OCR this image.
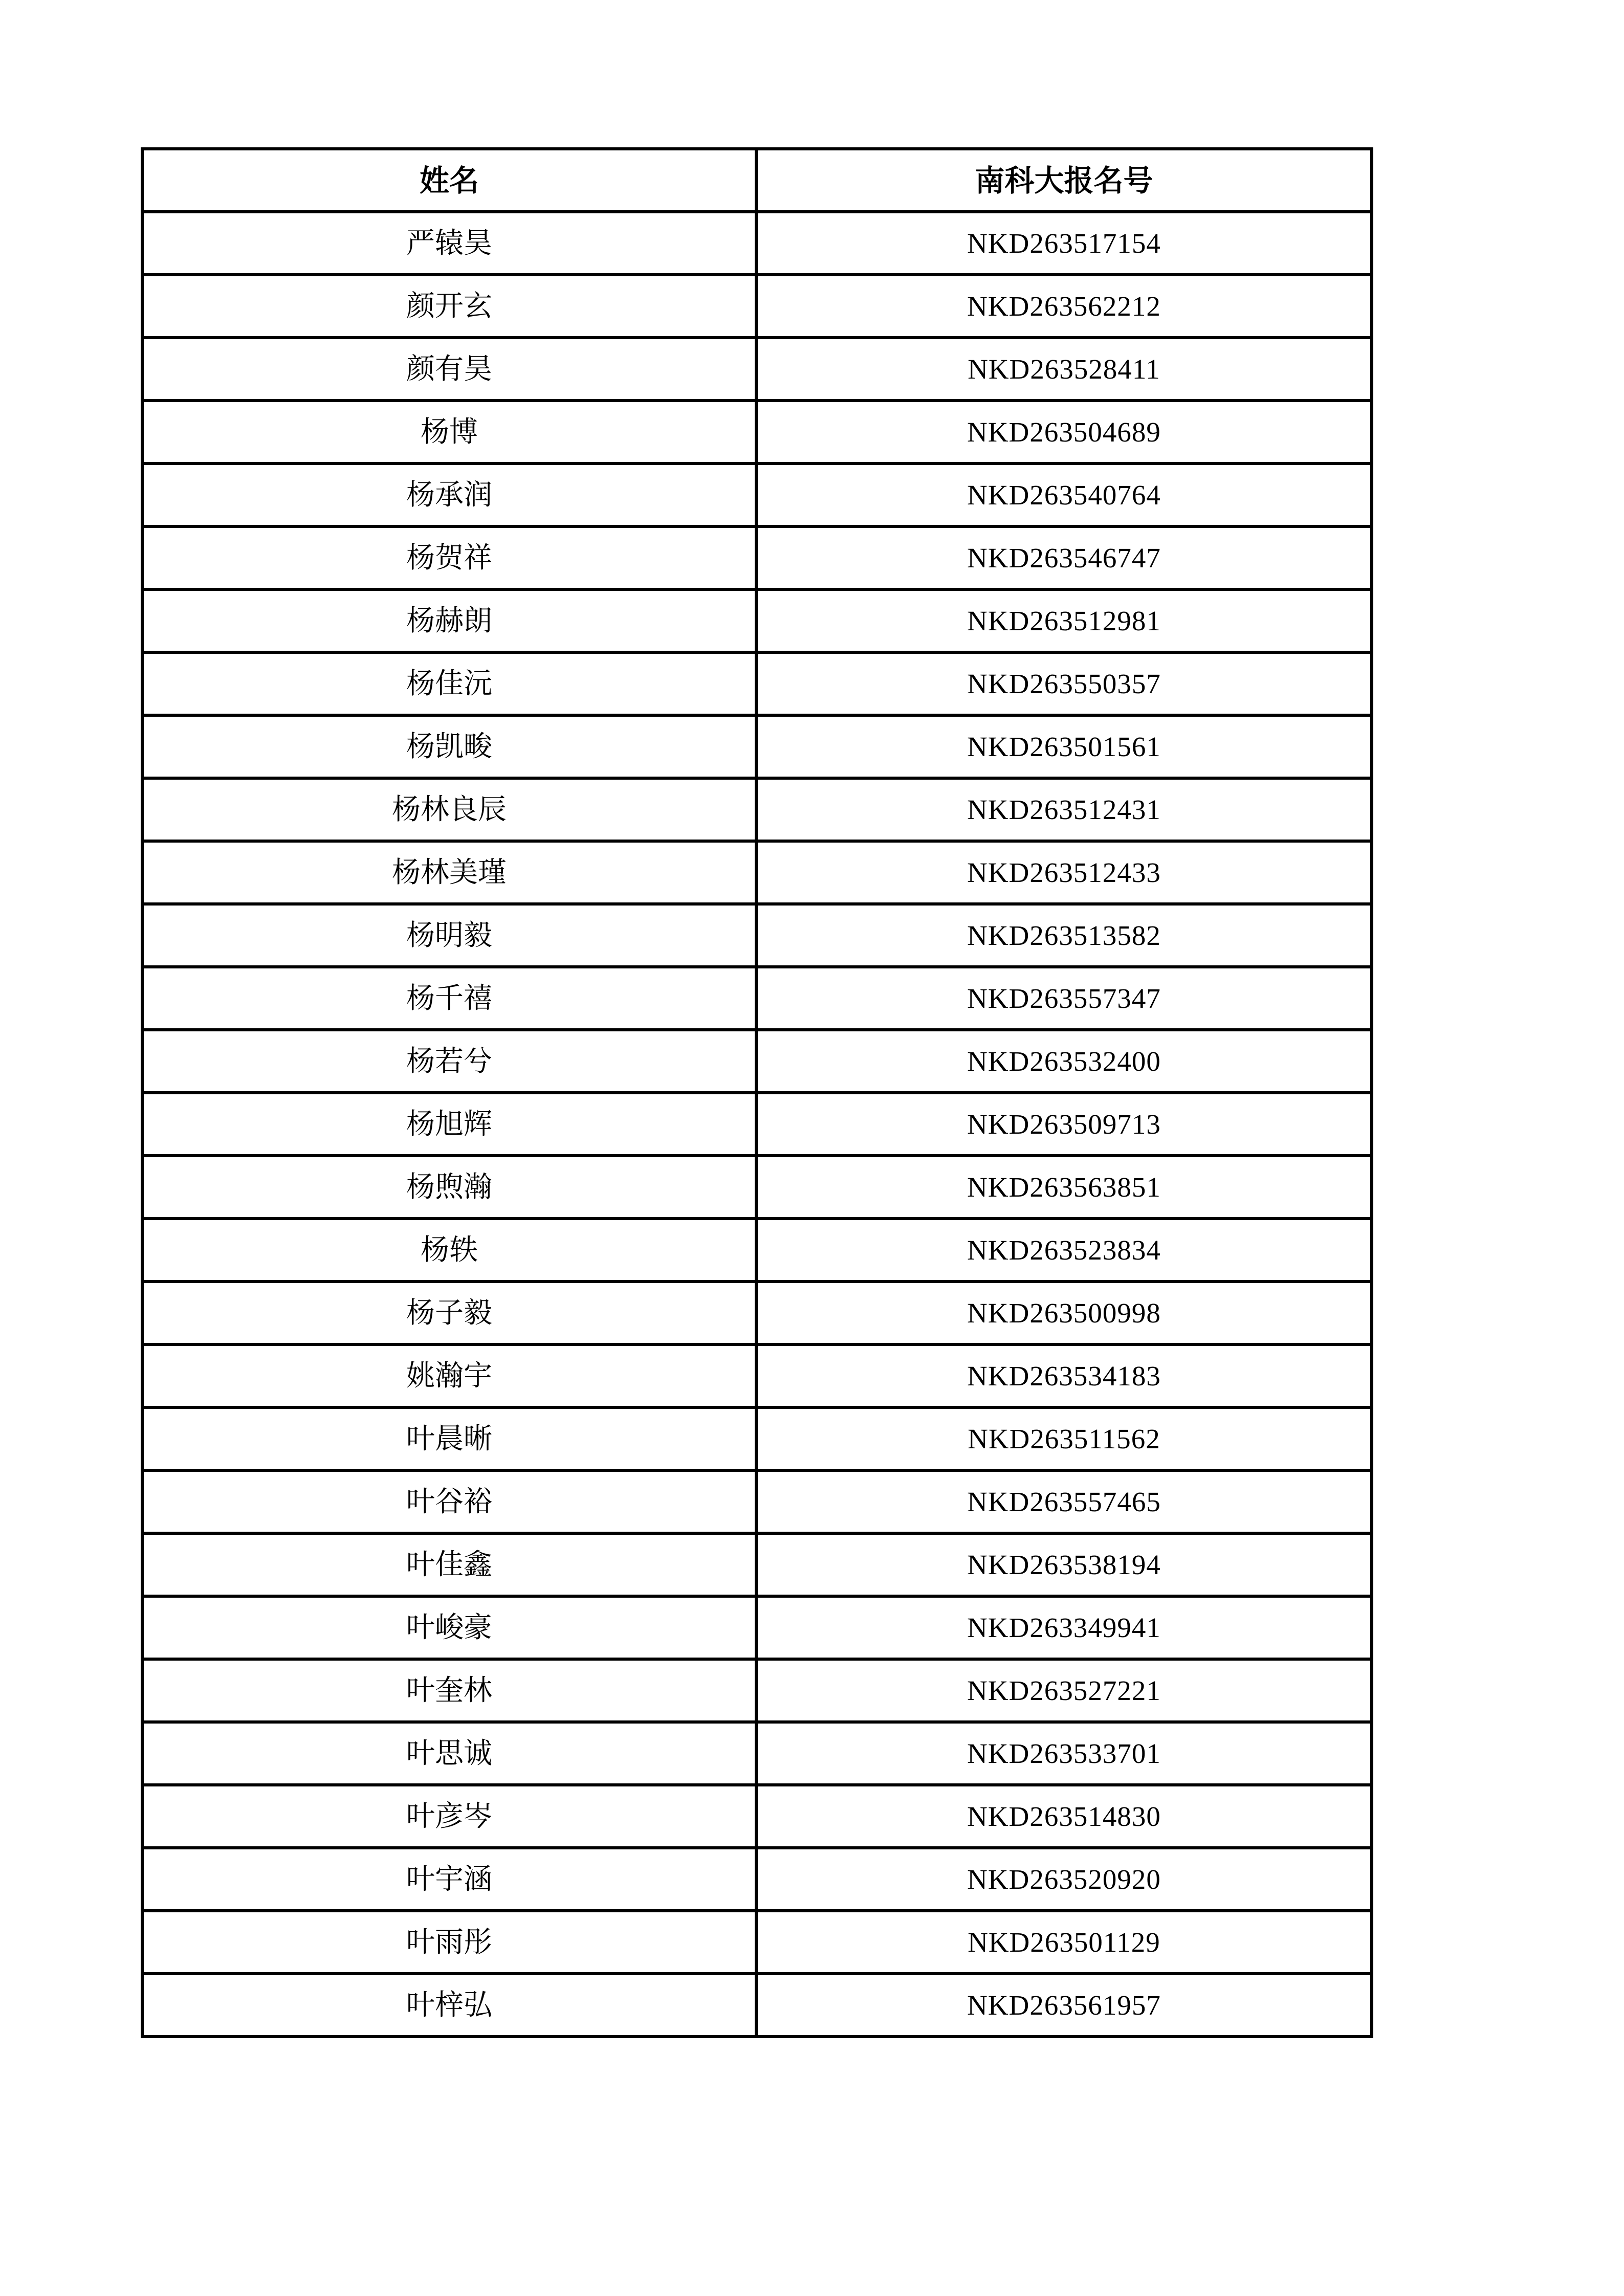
姓名	南科大报名号
严辕昊	NKD263517154
颜开玄	NKD263562212
颜有昊	NKD263528411
杨博	NKD263504689
杨承润	NKD263540764
杨贺祥	NKD263546747
杨赫朗	NKD263512981
杨佳沅	NKD263550357
杨凯畯	NKD263501561
杨林良辰	NKD263512431
杨林美瑾	NKD263512433
杨明毅	NKD263513582
杨千禧	NKD263557347
杨若兮	NKD263532400
杨旭辉	NKD263509713
杨煦瀚	NKD263563851
杨轶	NKD263523834
杨子毅	NKD263500998
姚瀚宇	NKD263534183
叶晨晰	NKD263511562
叶谷裕	NKD263557465
叶佳鑫	NKD263538194
叶峻豪	NKD263349941
叶奎林	NKD263527221
叶思诚	NKD263533701
叶彦岑	NKD263514830
叶宇涵	NKD263520920
叶雨彤	NKD263501129
叶梓弘	NKD263561957
